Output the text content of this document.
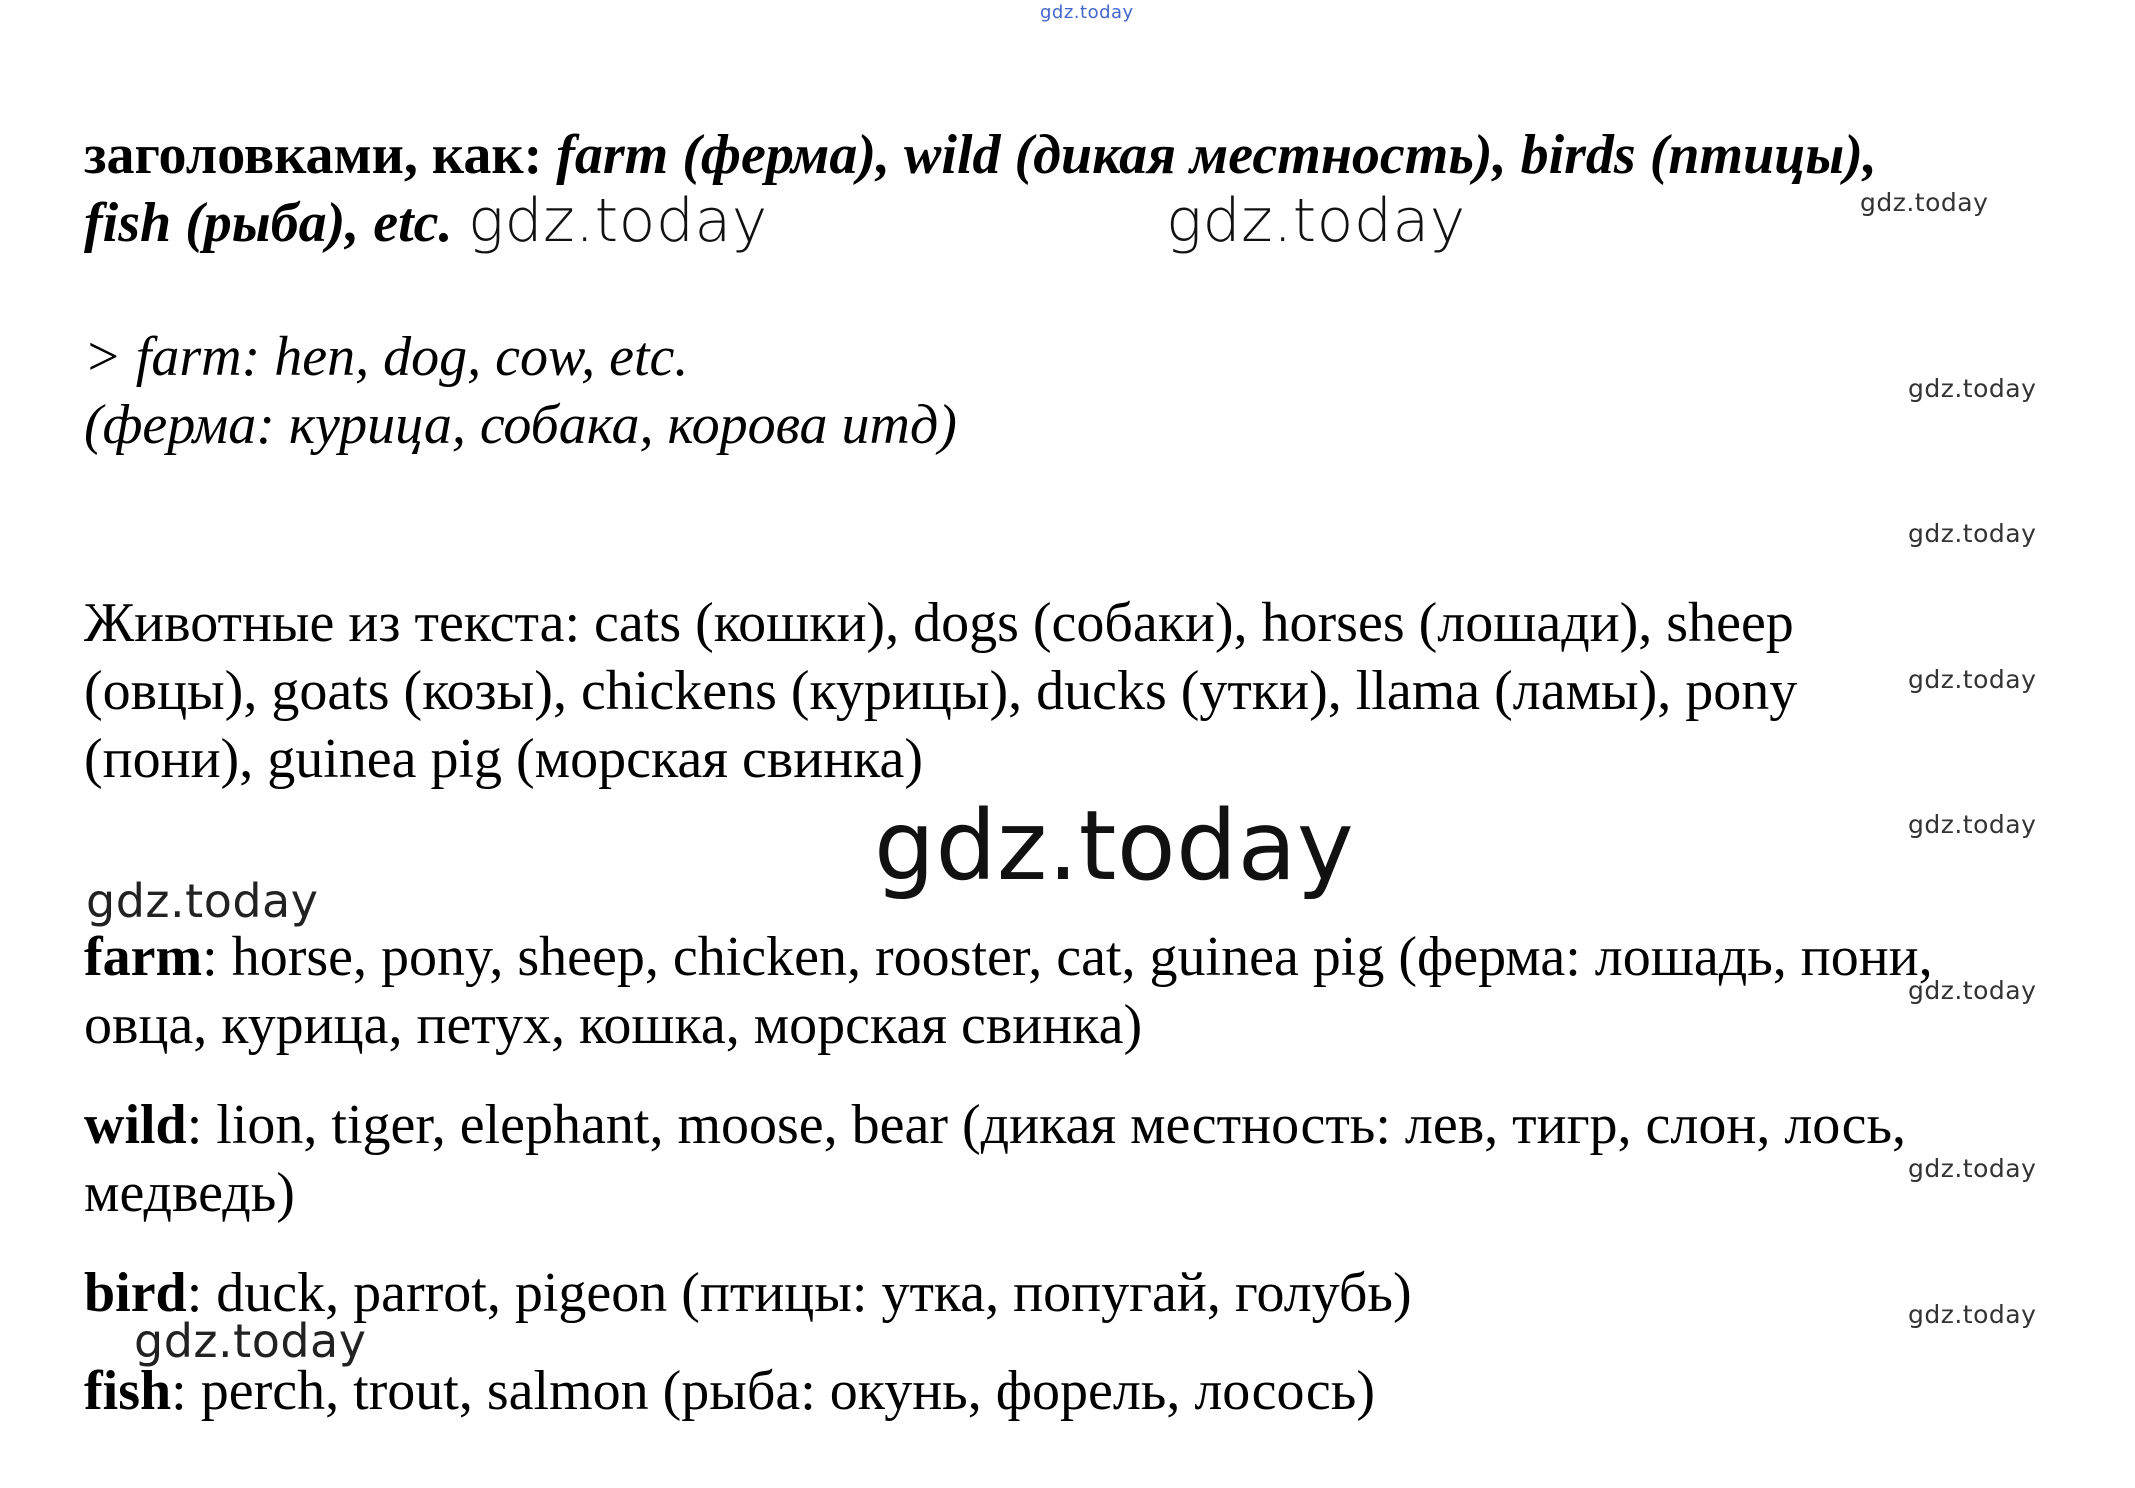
gdz.today
заголовками, как: farm (ферма), wild (дикая местность), birds (птицы),
fish (рыба), etc. gdz.today	gdz.today	gdz.today
> farm: hen, dog, cow, etc.
(ферма: курица, собака, корова итд)
gdz.today
gdz.today
Животные из текста: cats (кошки), dogs (собаки), horses (лошади), sheep
(овцы), goats (козы), chickens (курицы), ducks (утки), llama (ламы), pony
(пони), guinea pig (морская свинка)
gdz.today
gdz.today
gdz.today
gdz.today
farm: horse, pony, sheep, chicken, rooster, cat, guinea pig (ферма: лошадь, пони,
овца, курица, петух, кошка, морская свинка)
gdz.today
wild: lion, tiger, elephant, moose, bear (дикая местность: лев, тигр, слон, лось,
медведь)	gdz.today
bird: duck, parrot, pigeon (птицы: утка, попугай, голубь)	gdz.today
gdz.today
fish: perch, trout, salmon (рыба: окунь, форель, лосось)
